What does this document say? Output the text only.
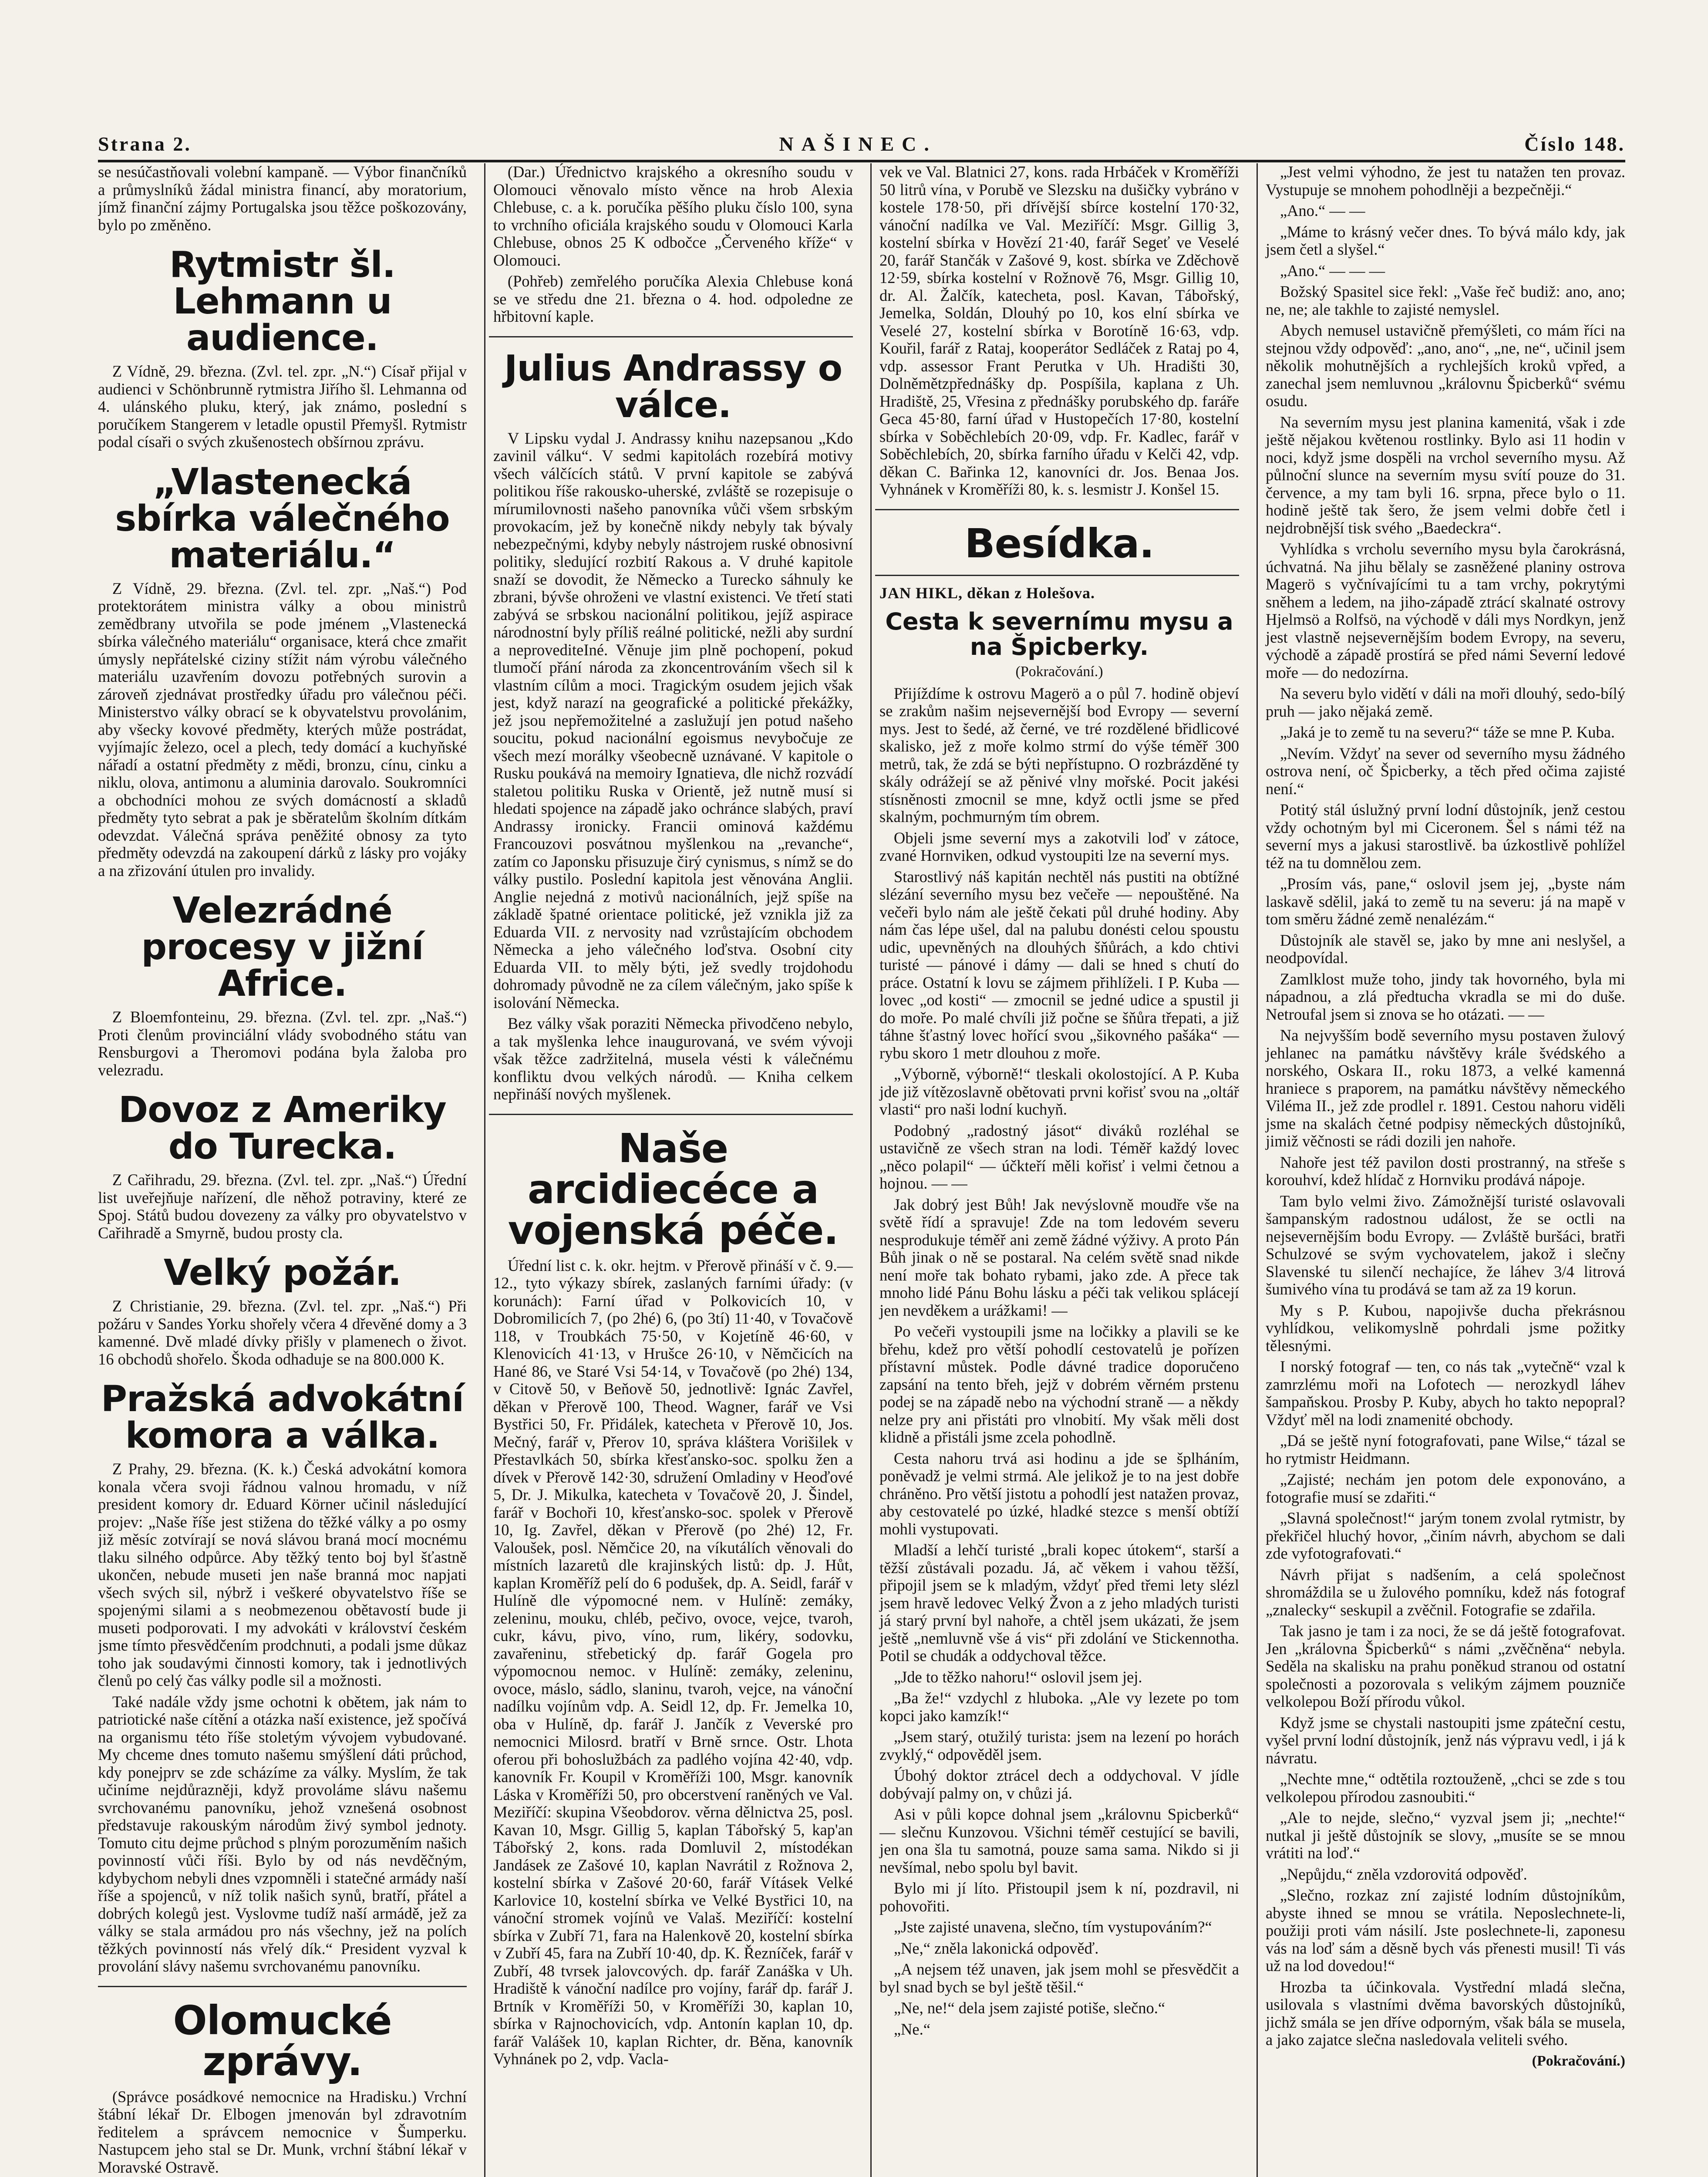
Strana 2.	NAŠINEC.	Číslo 148.

se nesúčastňovali volební kampaně. — Výbor finančníků a průmyslníků žádal ministra financí, aby moratorium, jímž finanční zájmy Portugalska jsou těžce poškozovány, bylo po změněno.

Rytmistr šl. Lehmann u audience.

Z Vídně, 29. března. (Zvl. tel. zpr. „N.“) Císař přijal v audienci v Schönbrunně rytmistra Jiřího šl. Lehmanna od 4. ulánského pluku, který, jak známo, poslední s poručíkem Stangerem v letadle opustil Přemyšl. Rytmistr podal císaři o svých zkušenostech obšírnou zprávu.

„Vlastenecká sbírka válečného materiálu.“

Z Vídně, 29. března. (Zvl. tel. zpr. „Naš.“) Pod protektorátem ministra války a obou ministrů zemědbrany utvořila se pode jménem „Vlastenecká sbírka válečného materiálu“ organisace, která chce zmařit úmysly nepřátelské ciziny stížit nám výrobu válečného materiálu uzavřením dovozu potřebných surovin a zároveň zjednávat prostředky úřadu pro válečnou péči. Ministerstvo války obrací se k obyvatelstvu provolánim, aby všecky kovové předměty, kterých může postrádat, vyjímajíc železo, ocel a plech, tedy domácí a kuchyňské nářadí a ostatní předměty z mědi, bronzu, cínu, cinku a niklu, olova, antimonu a aluminia darovalo. Soukromníci a obchodníci mohou ze svých domácností a skladů předměty tyto sebrat a pak je sběratelům školním dítkám odevzdat. Válečná správa peněžité obnosy za tyto předměty odevzdá na zakoupení dárků z lásky pro vojáky a na zřizování útulen pro invalidy.

Velezrádné procesy v jižní Africe.

Z Bloemfonteinu, 29. března. (Zvl. tel. zpr. „Naš.“) Proti členům provinciální vlády svobodného státu van Rensburgovi a Theromovi podána byla žaloba pro velezradu.

Dovoz z Ameriky do Turecka.

Z Cařihradu, 29. března. (Zvl. tel. zpr. „Naš.“) Úřední list uveřejňuje nařízení, dle něhož potraviny, které ze Spoj. Států budou dovezeny za války pro obyvatelstvo v Cařihradě a Smyrně, budou prosty cla.

Velký požár.

Z Christianie, 29. března. (Zvl. tel. zpr. „Naš.“) Při požáru v Sandes Yorku shořely včera 4 dřevěné domy a 3 kamenné. Dvě mladé dívky přišly v plamenech o život. 16 obchodů shořelo. Škoda odhaduje se na 800.000 K.

Pražská advokátní komora a válka.

Z Prahy, 29. března. (K. k.) Česká advokátní komora konala včera svoji řádnou valnou hromadu, v níž president komory dr. Eduard Körner učinil následující projev: „Naše říše jest stiženа do těžké války a po osmy již měsíc zotvírají se nová slávou braná mocí mocnému tlaku silného odpůrce. Aby těžký tento boj byl šťastně ukončen, nebude museti jen naše branná moc napjati všech svých sil, nýbrž i veškeré obyvatelstvo říše se spojenými silami a s neobmezenou obětavostí bude ji museti podporovati. I my advokáti v království českém jsme tímto přesvědčením prodchnuti, a podali jsme důkaz toho jak soudavými činnosti komory, tak i jednotlivých členů po celý čas války podle sil a možnosti.

Také nadále vždy jsme ochotni k obětem, jak nám to patriotické naše cítění a otázka naší existence, jež spočívá na organismu této říše stoletým vývojem vybudované. My chceme dnes tomuto našemu smýšlení dáti průchod, kdy ponejprv se zde scházíme za války. Myslím, že tak učiníme nejdůrazněji, když provoláme slávu našemu svrchovanému panovníku, jehož vznešená osobnost představuje rakouským národům živý symbol jednoty. Tomuto citu dejme průchod s plným porozuměním našich povinností vůči říši. Bylo by od nás nevděčným, kdybychom nebyli dnes vzpomněli i statečné armády naší říše a spojenců, v níž tolik našich synů, bratří, přátel a dobrých kolegů jest. Vyslovme tudíž naší armádě, jež za války se stala armádou pro nás všechny, jež na polích těžkých povinností nás vřelý dík.“ President vyzval k provolání slávy našemu svrchovanému panovníku.

Olomucké zprávy.

(Správce posádkové nemocnice na Hradisku.) Vrchní štábní lékař Dr. Elbogen jmenován byl zdravotním ředitelem a správcem nemocnice v Šumperku. Nastupcem jeho stal se Dr. Munk, vrchní štábní lékař v Moravské Ostravě.

(Dar.) Úřednictvo krajského a okresního soudu v Olomouci věnovalo místo věnce na hrob Alexia Chlebuse, c. a k. poručíka pěšího pluku číslo 100, syna to vrchního oficiála krajského soudu v Olomouci Karla Chlebuse, obnos 25 K odbočce „Červeného kříže“ v Olomouci.

(Pohřeb) zemřelého poručíka Alexia Chlebuse koná se ve středu dne 21. března o 4. hod. odpoledne ze hřbitovní kaple.

Julius Andrassy o válce.

V Lipsku vydal J. Andrassy knihu nazepsanou „Kdo zavinil válku“. V sedmi kapitolách rozebírá motivy všech válčících států. V první kapitole se zabývá politikou říše rakousko-uherské, zvláště se rozepisuje o mírumilovnosti našeho panovníka vůči všem srbským provokacím, jež by konečně nikdy nebyly tak bývaly nebezpečnými, kdyby nebyly nástrojem ruské obnosivní politiky, sledující rozbití Rakous a. V druhé kapitole snaží se dovodit, že Německo a Turecko sáhnuly ke zbrani, bývše ohroženi ve vlastní existenci. Ve třetí stati zabývá se srbskou nacionální politikou, jejíž aspirace národnostní byly příliš reálné politické, nežli aby surdní a neprovediteIné. Věnuje jim plně pochopení, pokud tlumočí přání národa za zkoncentrováním všech sil k vlastním cílům a moci. Tragickým osudem jejich však jest, když narazí na geografické a politické překážky, jež jsou nepřemožitelné a zaslužují jen potud našeho soucitu, pokud nacionální egoismus nevybočuje ze všech mezí morálky všeobecně uznávané. V kapitole o Rusku poukává na memoiry Ignatieva, dle nichž rozvádí staletou politiku Ruska v Orientě, jež nutně musí si hledati spojence na západě jako ochránce slabých, praví Andrassy ironicky. Francii ominová každému Francouzovi posvátnou myšlenkou na „revanche“, zatím co Japonsku přisuzuje čirý cynismus, s nímž se do války pustilo. Poslední kapitola jest věnována Anglii. Anglie nejedná z motivů nacionálních, jejž spíše na základě špatné orientace politické, jež vznikla již za Eduarda VII. z nervosity nad vzrůstajícím obchodem Německa a jeho válečného loďstva. Osobní city Eduarda VII. to měly býti, jež svedly trojdohodu dohromady původně ne za cílem válečným, jako spíše k isolování Německa.

Bez války však poraziti Německa přivodčeno nebylo, a tak myšlenka lehce inaugurovaná, ve svém vývoji však těžce zadržitelná, musela vésti k válečnému konfliktu dvou velkých národů. — Kniha celkem nepřináší nových myšlenek.

Naše arcidiecéce a vojenská péče.

Úřední list c. k. okr. hejtm. v Přerově přináší v č. 9.—12., tyto výkazy sbírek, zaslaných farními úřady: (v korunách): Farní úřad v Polkovicích 10, v Dobromilicích 7, (po 2hé) 6, (po 3tí) 11·40, v Tovačově 118, v Troubkách 75·50, v Kojetíně 46·60, v Klenovicích 41·13, v Hrušce 26·10, v Němčicích na Hané 86, ve Staré Vsi 54·14, v Tovačově (po 2hé) 134, v Citově 50, v Beňově 50, jednotlivě: Ignác Zavřel, děkan v Přerově 100, Theod. Wagner, farář ve Vsi Bystřici 50, Fr. Přidálek, katecheta v Přerově 10, Jos. Mečný, farář v, Přerov 10, správa kláštera Vorišilek v Přestavlkách 50, sbírka křesťansko-soc. spolku žen a dívek v Přerově 142·30, sdružení Omladiny v Heoďové 5, Dr. J. Mikulka, katecheta v Tovačově 20, J. Šindel, farář v Bochoři 10, křesťansko-soc. spolek v Přerově 10, Ig. Zavřel, děkan v Přerově (po 2hé) 12, Fr. Valoušek, posl. Němčice 20, na víkutálích věnovali do místních lazaretů dle krajinských listů: dp. J. Hůt, kaplan Kroměříž pelí do 6 podušek, dp. A. Seidl, farář v Hulíně dle výpomocné nem. v Hulíně: zemáky, zeleninu, mouku, chléb, pečivo, ovoce, vejce, tvaroh, cukr, kávu, pivo, víno, rum, likéry, sodovku, zavařeninu, střebetický dp. farář Gogela pro výpomocnou nemoc. v Hulíně: zemáky, zeleninu, ovoce, máslo, sádlo, slaninu, tvaroh, vejce, na vánoční nadílku vojínům vdp. A. Seidl 12, dp. Fr. Jemelka 10, oba v Hulíně, dp. farář J. Jančík z Veverské pro nemocnici Milosrd. bratří v Brně srnce. Ostr. Lhota oferou při bohoslužbách za padlého vojína 42·40, vdp. kanovník Fr. Koupil v Kroměříži 100, Msgr. kanovník Láska v Kroměříži 50, pro obcerstvení raněných ve Val. Meziříčí: skupina Všeobdorov. věrna dělnictva 25, posl. Kavan 10, Msgr. Gillig 5, kaplan Tábořský 5, kap'an Tábořský 2, kons. rada Domluvil 2, místodékan Jandásek ze Zašové 10, kaplan Navrátil z Rožnova 2, kostelní sbírka v Zašové 20·60, farář Vításek Velké Karlovice 10, kostelní sbírka ve Velké Bystřici 10, na vánoční stromek vojínů ve Valaš. Meziříčí: kostelní sbírka v Zubří 71, fara na Halenkově 20, kostelní sbírka v Zubří 45, fara na Zubří 10·40, dp. K. Řezníček, farář v Zubří, 48 tvrsek jalovcových. dp. farář Zanáška v Uh. Hradiště k vánoční nadílce pro vojíny, farář dp. farář J. Brtník v Kroměříži 50, v Kroměříži 30, kaplan 10, sbírka v Rajnochovicích, vdp. Antonín kaplan 10, dp. farář Valášek 10, kaplan Richter, dr. Běna, kanovník Vyhnánek po 2, vdp. Vacla-

vek ve Val. Blatnici 27, kons. rada Hrbáček v Kroměříži 50 litrů vína, v Porubě ve Slezsku na dušičky vybráno v kostele 178·50, při dřívější sbírce kostelní 170·32, vánoční nadílka ve Val. Meziříčí: Msgr. Gillig 3, kostelní sbírka v Hovězí 21·40, farář Segeť ve Veselé 20, farář Stančák v Zašové 9, kost. sbírka ve Zděchově 12·59, sbírka kostelní v Rožnově 76, Msgr. Gillig 10, dr. Al. Žalčík, katecheta, posl. Kavan, Tábořský, Jemelka, Soldán, Dlouhý po 10, kos elní sbírka ve Veselé 27, kostelní sbírka v Borotíně 16·63, vdp. Kouřil, farář z Rataj, kooperátor Sedláček z Rataj po 4, vdp. assessor Frant Perutka v Uh. Hradišti 30, Dolněmětzpřednášky dp. Pospíšila, kaplana z Uh. Hradiště, 25, Vřesina z přednášky porubského dp. faráře Geca 45·80, farní úřad v Hustopečích 17·80, kostelní sbírka v Soběchlebích 20·09, vdp. Fr. Kadlec, farář v Soběchlebích, 20, sbírka farního úřadu v Kelči 42, vdp. děkan C. Bařinka 12, kanovníci dr. Jos. Benaa Jos. Vyhnánek v Kroměříži 80, k. s. lesmistr J. Konšel 15.

Besídka.
JAN HIKL, děkan z Holešova.
Cesta k severnímu mysu a na Špicberky.

(Pokračování.)

Přijíždíme k ostrovu Magerö a o půl 7. hodině objeví se zrakům našim nejsevernější bod Evropy — severní mys. Jest to šedé, až černé, ve tré rozdělené břidlicové skalisko, jež z moře kolmo strmí do výše téměř 300 metrů, tak, že zdá se býti nepřístupno. O rozbrázděné ty skály odrážejí se až pěnivé vlny mořské. Pocit jakési stísněnosti zmocnil se mne, když octli jsme se před skalným, pochmurným tím obrem.

Objeli jsme severní mys a zakotvili loď v zátoce, zvané Hornviken, odkud vystoupiti lze na severní mys.

Starostlivý náš kapitán nechtěl nás pustiti na obtížné slézání severního mysu bez večeře — nepouštěné. Na večeři bylo nám ale ještě čekati půl druhé hodiny. Aby nám čas lépe ušel, dal na palubu donésti celou spoustu udic, upevněných na dlouhých šňůrách, a kdo chtivi turisté — pánové i dámy — dali se hned s chutí do práce. Ostatní k lovu se zájmem přihlíželi. I P. Kuba — lovec „od kosti“ — zmocnil se jedné udice a spustil ji do moře. Po malé chvíli již počne se šňůra třepati, a již táhne šťastný lovec hořící svou „šikovného pašáka“ — rybu skoro 1 metr dlouhou z moře.

„Výborně, výborně!“ tleskali okolostojící. A P. Kuba jde již vítězoslavně obětovati prvni kořisť svou na „oltář vlasti“ pro naši lodní kuchyň.

Podobný „radostný jásot“ diváků rozléhal se ustavičně ze všech stran na lodi. Téměř každý lovec „něco polapil“ — účkteří měli kořisť i velmi četnou a hojnou. — —

Jak dobrý jest Bůh! Jak nevýslovně moudře vše na světě řídí a spravuje! Zde na tom ledovém severu nesprodukuje téměř ani země žádné výživy. A proto Pán Bůh jinak o ně se postaral. Na celém světě snad nikde není moře tak bohato rybami, jako zde. A přece tak mnoho lidé Pánu Bohu lásku a péči tak velikou splácejí jen nevděkem a urážkami! —

Po večeři vystoupili jsme na ločikky a plavili se ke břehu, kdež pro větší pohodlí cestovatelů je pořízen přístavní můstek. Podle dávné tradice doporučeno zapsání na tento břeh, jejž v dobrém věrném prstenu podej se na západě nebo na východní straně — a někdy nelze pry ani přistáti pro vlnobití. My však měli dost klidně a přistáli jsme zcela pohodlně.

Cesta nahoru trvá asi hodinu a jde se šplháním, poněvadž je velmi strmá. Ale jelikož je to na jest dobře chráněno. Pro větší jistotu a pohodlí jest natažen provaz, aby cestovatelé po úzké, hladké stezce s menší obtíží mohli vystupovati.

Mladší a lehčí turisté „brali kopec útokem“, starší a těžší zůstávali pozadu. Já, ač věkem i vahou těžší, připojil jsem se k mladým, vždyť před třemi lety slézl jsem hravě ledovec Velký Žvon a z jeho mladých turisti já starý první byl nahoře, a chtěl jsem ukázati, že jsem ještě „nemluvně vše á vis“ při zdolání ve Stickennotha. Potil se chudák a oddychoval těžce.

„Jde to těžko nahoru!“ oslovil jsem jej.

„Ba že!“ vzdychl z hluboka. „Ale vy lezete po tom kopci jako kamzík!“

„Jsem starý, otužilý turista: jsem na lezení po horách zvyklý,“ odpověděl jsem.

Úbohý doktor ztrácel dech a oddychoval. V jídle dobývají palmy on, v chůzi já.

Asi v půli kopce dohnal jsem „královnu Spicberků“ — slečnu Kunzovou. Všichni téměř cestující se bavili, jen ona šla tu samotná, pouze sama sama. Nikdo si ji nevšímal, nebo spolu byl bavit.

Bylo mi jí líto. Přistoupil jsem k ní, pozdravil, ni pohovořiti.

„Jste zajisté unavena, slečno, tím vystupováním?“

„Ne,“ zněla lakonická odpověď.

„A nejsem též unaven, jak jsem mohl se přesvědčit a byl snad bych se byl ještě těšil.“

„Ne, ne!“ dela jsem zajisté potiše, slečno.“

„Ne.“

„Jest velmi výhodno, že jest tu natažen ten provaz. Vystupuje se mnohem pohodlněji a bezpečněji.“

„Ano.“ — —

„Máme to krásný večer dnes. To bývá málo kdy, jak jsem četl a slyšel.“

„Ano.“ — — —

Božský Spasitel sice řekl: „Vaše řeč budiž: ano, ano; ne, ne; ale takhle to zajisté nemyslel.

Abych nemusel ustavičně přemýšleti, co mám říci na stejnou vždy odpověď: „ano, ano“, „ne, ne“, učinil jsem několik mohutnějších a rychlejších kroků vpřed, a zanechal jsem nemluvnou „královnu Špicberků“ svému osudu.

Na severním mysu jest planina kamenitá, však i zde ještě nějakou květenou rostlinky. Bylo asi 11 hodin v noci, když jsme dospěli na vrchol severního mysu. Až půlnoční slunce na severním mysu svítí pouze do 31. července, a my tam byli 16. srpna, přece bylo o 11. hodině ještě tak šero, že jsem velmi dobře četl i nejdrobnější tisk svého „Baedeckra“.

Vyhlídka s vrcholu severního mysu byla čarokrásná, úchvatná. Na jihu bělaly se zasněžené planiny ostrova Magerö s vyčnívajícími tu a tam vrchy, pokrytými sněhem a ledem, na jiho-západě ztrácí skalnaté ostrovy Hjelmsö a Rolfsö, na východě v dáli mys Nordkyn, jenž jest vlastně nejsevernějším bodem Evropy, na severu, východě a západě prostírá se před námi Severní ledové moře — do nedozírna.

Na severu bylo vidětí v dáli na moři dlouhý, sedo-bílý pruh — jako nějaká země.

„Jaká je to země tu na severu?“ táže se mne P. Kuba.

„Nevím. Vždyť na sever od severního mysu žádného ostrova není, oč Špicberky, a těch před očima zajisté není.“

Potitý stál úslužný první lodní důstojník, jenž cestou vždy ochotným byl mi Ciceronem. Šel s námi též na severní mys a jakusi starostlivě. ba úzkostlivě pohlížel též na tu domnělou zem.

„Prosím vás, pane,“ oslovil jsem jej, „byste nám laskavě sdělil, jaká to země tu na severu: já na mapě v tom směru žádné země nenalézám.“

Důstojník ale stavěl se, jako by mne ani neslyšel, a neodpovídal.

Zamlklost muže toho, jindy tak hovorného, byla mi nápadnou, a zlá předtucha vkradla se mi do duše. Netroufal jsem si znova se ho otázati. — —

Na nejvyšším bodě severního mysu postaven žulový jehlanec na památku návštěvy krále švédského a norského, Oskara II., roku 1873, a velké kamenná hraniece s praporem, na památku návštěvy německého Viléma II., jež zde prodlel r. 1891. Cestou nahoru viděli jsme na skalách četné podpisy německých důstojníků, jimiž věčnosti se rádi dozili jen nahoře.

Nahoře jest též pavilon dosti prostranný, na střeše s korouhví, kdež hlídač z Hornviku prodává nápoje.

Tam bylo velmi živo. Zámožnější turisté oslavovali šampanským radostnou událost, že se octli na nejsevernějším bodu Evropy. — Zvláště buršáci, bratři Schulzové se svým vychovatelem, jakož i slečny Slavenské tu silenčí nechajíce, že láhev 3/4 litrová šumivého vína tu prodává se tam až za 19 korun.

My s P. Kubou, napojivše ducha překrásnou vyhlídkou, velikomyslně pohrdali jsme požitky tělesnými.

I norský fotograf — ten, co nás tak „vytečně“ vzal k zamrzlému moři na Lofotech — nerozkydl láhev šampaňskou. Prosby P. Kuby, abych ho takto nepopral? Vždyť měl na lodi znamenité obchody.

„Dá se ještě nyní fotografovati, pane Wilse,“ tázal se ho rytmistr Heidmann.

„Zajisté; nechám jen potom dele exponováno, a fotografie musí se zdařiti.“

„Slavná společnost!“ jarým tonem zvolal rytmistr, by překřičel hluchý hovor, „činím návrh, abychom se dali zde vyfotografovati.“

Návrh přijat s nadšením, a celá společnost shromáždila se u žulového pomníku, kdež nás fotograf „znalecky“ seskupil a zvěčnil. Fotografie se zdařila.

Tak jasno je tam i za noci, že se dá ještě fotografovat. Jen „královna Špicberků“ s námi „zvěčněna“ nebyla. Seděla na skalisku na prahu poněkud stranou od ostatní společnosti a pozorovala s velikým zájmem pouzniče velkolepou Boží přírodu vůkol.

Když jsme se chystali nastoupiti jsme zpáteční cestu, vyšel první lodní důstojník, jenž nás výpravu vedl, i já k návratu.

„Nechte mne,“ odtětila roztouženě, „chci se zde s tou velkolepou přírodou zasnoubiti.“

„Ale to nejde, slečno,“ vyzval jsem ji; „nechte!“ nutkal ji ještě důstojník se slovy, „musíte se se mnou vrátiti na loď.“

„Nepůjdu,“ zněla vzdorovitá odpověď.

„Slečno, rozkaz zní zajisté lodním důstojníkům, abyste ihned se mnou se vrátila. Neposlechnete-li, použiji proti vám násilí. Jste poslechnete-li, zaponesu vás na loď sám a děsně bych vás přenesti musil! Ti vás už na lod dovedou!“

Hrozba ta účinkovala. Vystřední mladá slečna, usilovala s vlastními dvěma bavorských důstojníků, jichž smála se jen dříve odporným, však bála se musela, a jako zajatce slečna nasledovala veliteli svého.

(Pokračování.)
